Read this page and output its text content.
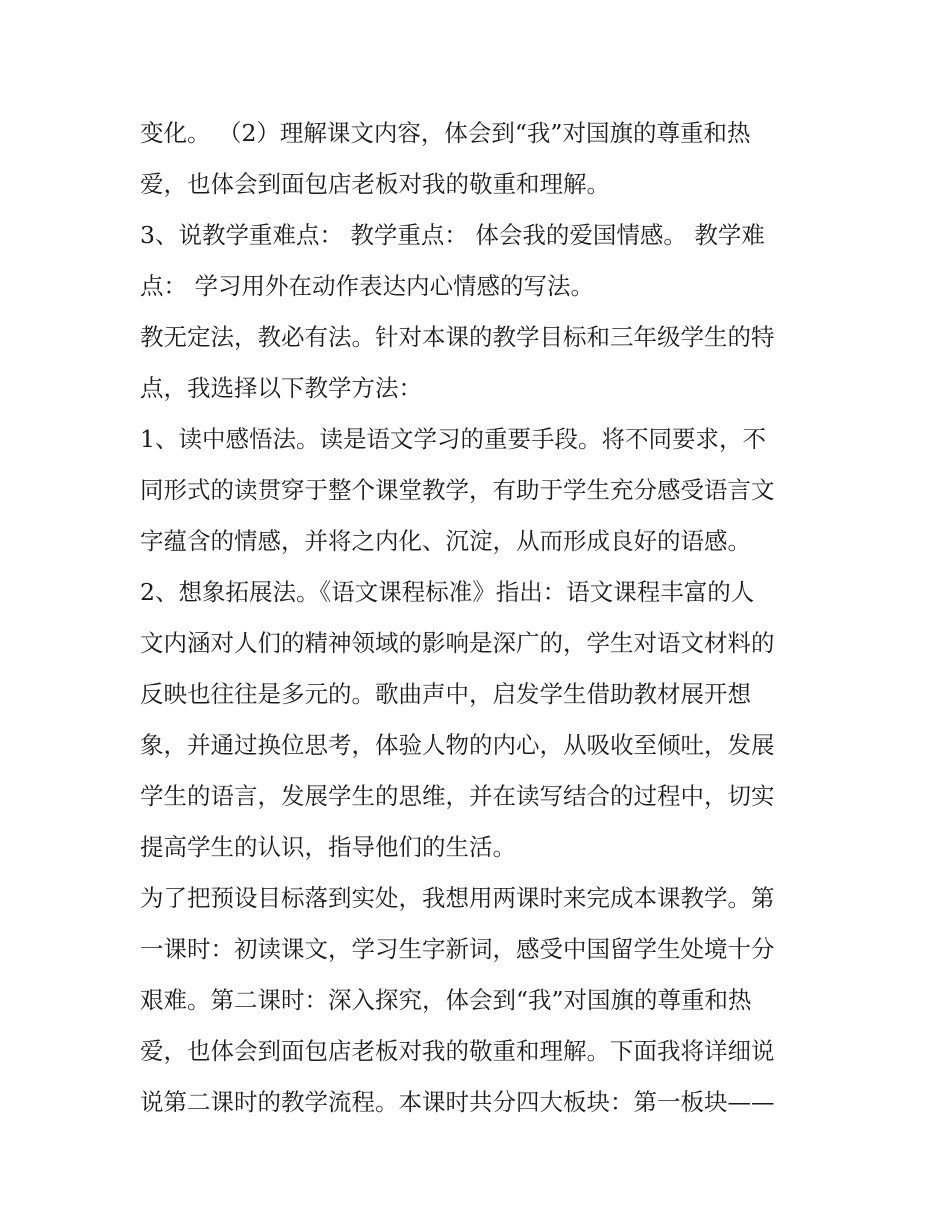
变化。 （2）理解课文内容，体会到“我”对国旗的尊重和热
爱，也体会到面包店老板对我的敬重和理解。
3、说教学重难点： 教学重点： 体会我的爱国情感。 教学难
点： 学习用外在动作表达内心情感的写法。
教无定法，教必有法。针对本课的教学目标和三年级学生的特
点，我选择以下教学方法：
1、读中感悟法。读是语文学习的重要手段。将不同要求，不
同形式的读贯穿于整个课堂教学，有助于学生充分感受语言文
字蕴含的情感，并将之内化、沉淀，从而形成良好的语感。
2、想象拓展法。《语文课程标准》指出：语文课程丰富的人
文内涵对人们的精神领域的影响是深广的，学生对语文材料的
反映也往往是多元的。歌曲声中，启发学生借助教材展开想
象，并通过换位思考，体验人物的内心，从吸收至倾吐，发展
学生的语言，发展学生的思维，并在读写结合的过程中，切实
提高学生的认识，指导他们的生活。
为了把预设目标落到实处，我想用两课时来完成本课教学。第
一课时：初读课文，学习生字新词，感受中国留学生处境十分
艰难。第二课时：深入探究，体会到“我”对国旗的尊重和热
爱，也体会到面包店老板对我的敬重和理解。下面我将详细说
说第二课时的教学流程。本课时共分四大板块：第一板块——
